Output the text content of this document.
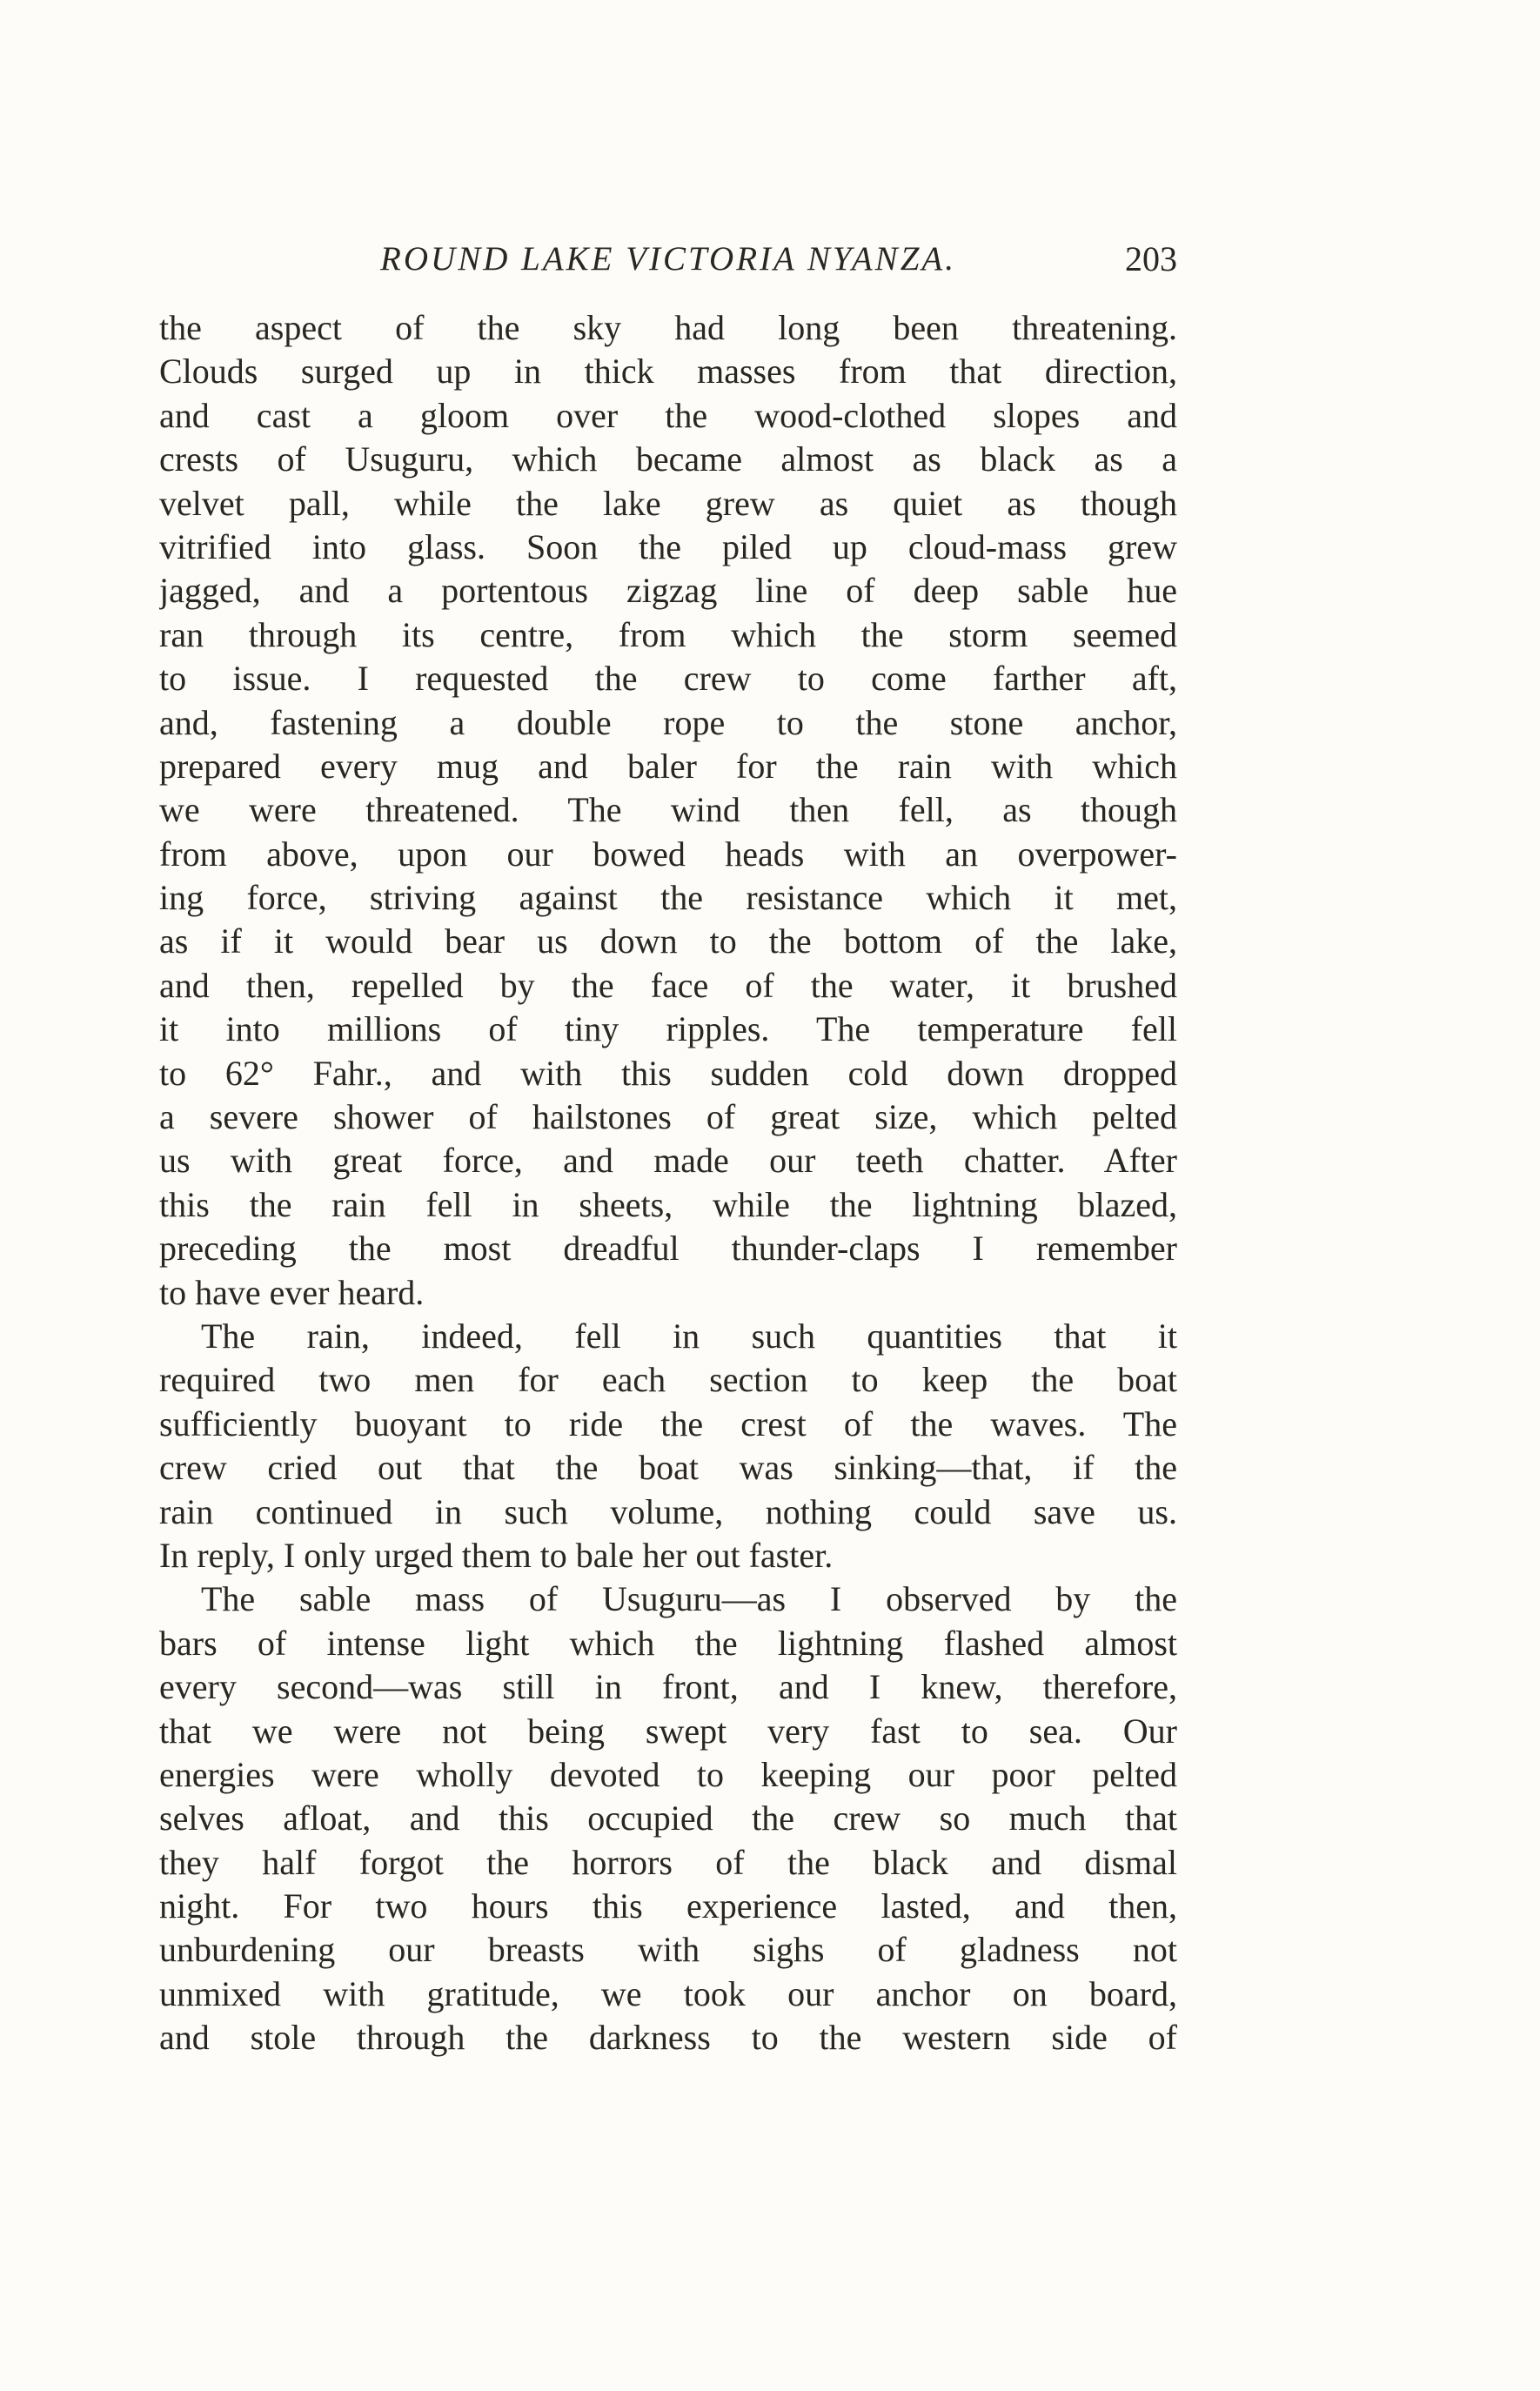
ROUND LAKE VICTORIA NYANZA.	203
the aspect of the sky had long been threatening.
Clouds surged up in thick masses from that direction,
and cast a gloom over the wood-clothed slopes and
crests of Usuguru, which became almost as black as a
velvet pall, while the lake grew as quiet as though
vitrified into glass. Soon the piled up cloud-mass grew
jagged, and a portentous zigzag line of deep sable hue
ran through its centre, from which the storm seemed
to issue. I requested the crew to come farther aft,
and, fastening a double rope to the stone anchor,
prepared every mug and baler for the rain with which
we were threatened. The wind then fell, as though
from above, upon our bowed heads with an overpower-
ing force, striving against the resistance which it met,
as if it would bear us down to the bottom of the lake,
and then, repelled by the face of the water, it brushed
it into millions of tiny ripples. The temperature fell
to 62° Fahr., and with this sudden cold down dropped
a severe shower of hailstones of great size, which pelted
us with great force, and made our teeth chatter. After
this the rain fell in sheets, while the lightning blazed,
preceding the most dreadful thunder-claps I remember
to have ever heard.
The rain, indeed, fell in such quantities that it
required two men for each section to keep the boat
sufficiently buoyant to ride the crest of the waves. The
crew cried out that the boat was sinking—that, if the
rain continued in such volume, nothing could save us.
In reply, I only urged them to bale her out faster.
The sable mass of Usuguru—as I observed by the
bars of intense light which the lightning flashed almost
every second—was still in front, and I knew, therefore,
that we were not being swept very fast to sea. Our
energies were wholly devoted to keeping our poor pelted
selves afloat, and this occupied the crew so much that
they half forgot the horrors of the black and dismal
night. For two hours this experience lasted, and then,
unburdening our breasts with sighs of gladness not
unmixed with gratitude, we took our anchor on board,
and stole through the darkness to the western side of
